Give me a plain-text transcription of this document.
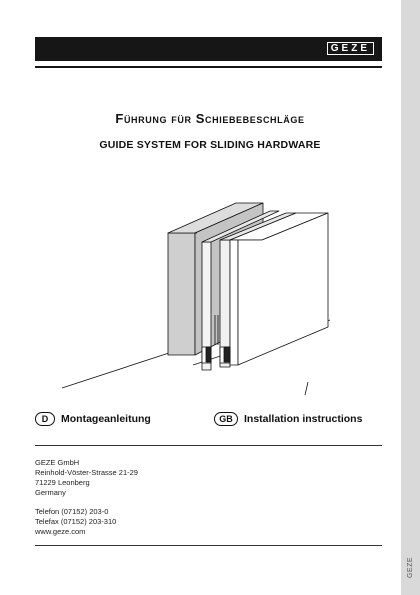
GEZE
GEZE
Führung für Schiebebeschläge
GUIDE SYSTEM FOR SLIDING HARDWARE
D	Montageanleitung	GB	Installation instructions
GEZE GmbH
Reinhold-Vöster-Strasse 21-29
71229 Leonberg
Germany
Telefon (07152) 203-0
Telefax (07152) 203-310
www.geze.com
